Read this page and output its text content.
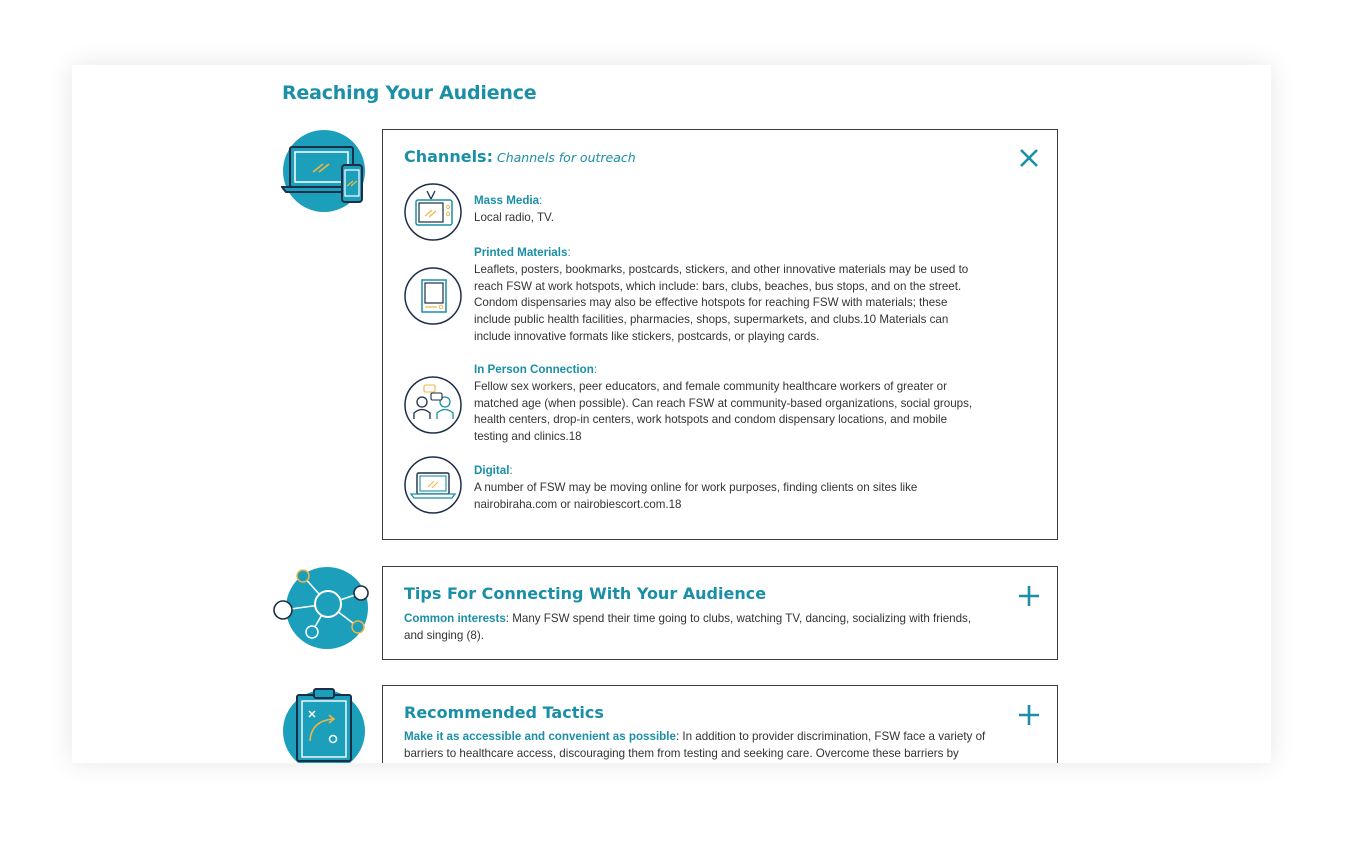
Reaching Your Audience
Channels: Channels for outreach
Mass Media:
Local radio, TV.
Printed Materials:
Leaflets, posters, bookmarks, postcards, stickers, and other innovative materials may be used to reach FSW at work hotspots, which include: bars, clubs, beaches, bus stops, and on the street. Condom dispensaries may also be effective hotspots for reaching FSW with materials; these include public health facilities, pharmacies, shops, supermarkets, and clubs.10 Materials can include innovative formats like stickers, postcards, or playing cards.
In Person Connection:
Fellow sex workers, peer educators, and female community healthcare workers of greater or matched age (when possible). Can reach FSW at community-based organizations, social groups, health centers, drop-in centers, work hotspots and condom dispensary locations, and mobile testing and clinics.18
Digital:
A number of FSW may be moving online for work purposes, finding clients on sites like nairobiraha.com or nairobiescort.com.18
Tips For Connecting With Your Audience
Common interests: Many FSW spend their time going to clubs, watching TV, dancing, socializing with friends, and singing (8).
Recommended Tactics
Make it as accessible and convenient as possible: In addition to provider discrimination, FSW face a variety of barriers to healthcare access, discouraging them from testing and seeking care. Overcome these barriers by
